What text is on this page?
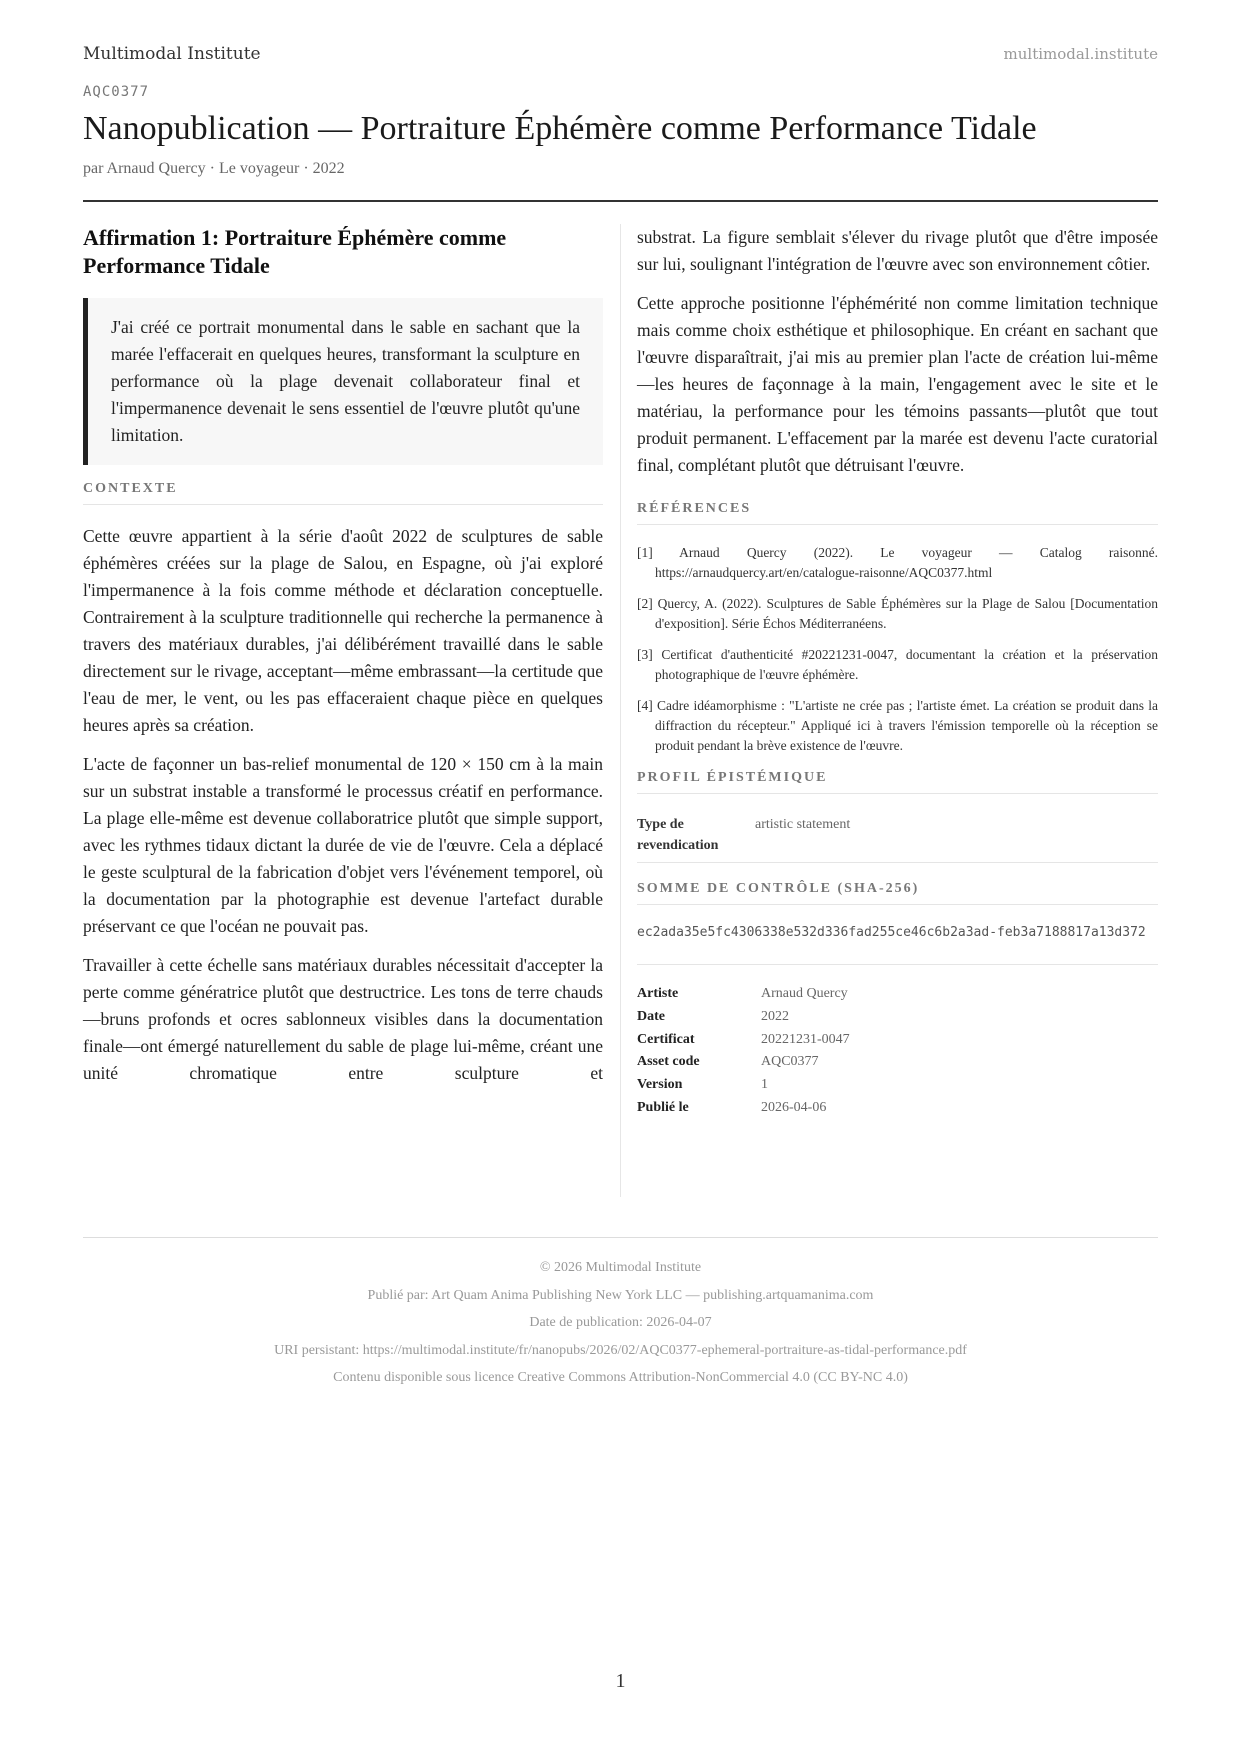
Multimodal Institute	multimodal.institute
AQC0377
Nanopublication — Portraiture Éphémère comme Performance Tidale
par Arnaud Quercy · Le voyageur · 2022
Affirmation 1: Portraiture Éphémère comme Performance Tidale
J'ai créé ce portrait monumental dans le sable en sachant que la marée l'effacerait en quelques heures, transformant la sculpture en performance où la plage devenait collaborateur final et l'impermanence devenait le sens essentiel de l'œuvre plutôt qu'une limitation.
CONTEXTE

Cette œuvre appartient à la série d'août 2022 de sculptures de sable éphémères créées sur la plage de Salou, en Espagne, où j'ai exploré l'impermanence à la fois comme méthode et déclaration conceptuelle. Contrairement à la sculpture traditionnelle qui recherche la permanence à travers des matériaux durables, j'ai délibérément travaillé dans le sable directement sur le rivage, acceptant—même embrassant—la certitude que l'eau de mer, le vent, ou les pas effaceraient chaque pièce en quelques heures après sa création.

L'acte de façonner un bas-relief monumental de 120 × 150 cm à la main sur un substrat instable a transformé le processus créatif en performance. La plage elle-même est devenue collaboratrice plutôt que simple support, avec les rythmes tidaux dictant la durée de vie de l'œuvre. Cela a déplacé le geste sculptural de la fabrication d'objet vers l'événement temporel, où la documentation par la photographie est devenue l'artefact durable préservant ce que l'océan ne pouvait pas.

Travailler à cette échelle sans matériaux durables nécessitait d'accepter la perte comme génératrice plutôt que destructrice. Les tons de terre chauds—bruns profonds et ocres sablonneux visibles dans la documentation finale—ont émergé naturellement du sable de plage lui-même, créant une unité chromatique entre sculpture et

substrat. La figure semblait s'élever du rivage plutôt que d'être imposée sur lui, soulignant l'intégration de l'œuvre avec son environnement côtier.

Cette approche positionne l'éphémérité non comme limitation technique mais comme choix esthétique et philosophique. En créant en sachant que l'œuvre disparaîtrait, j'ai mis au premier plan l'acte de création lui-même—les heures de façonnage à la main, l'engagement avec le site et le matériau, la performance pour les témoins passants—plutôt que tout produit permanent. L'effacement par la marée est devenu l'acte curatorial final, complétant plutôt que détruisant l'œuvre.

RÉFÉRENCES
[1] Arnaud Quercy (2022). Le voyageur — Catalog raisonné. https://arnaudquercy.art/en/catalogue-raisonne/AQC0377.html
[2] Quercy, A. (2022). Sculptures de Sable Éphémères sur la Plage de Salou [Documentation d'exposition]. Série Échos Méditerranéens.
[3] Certificat d'authenticité #20221231-0047, documentant la création et la préservation photographique de l'œuvre éphémère.
[4] Cadre idéamorphisme : "L'artiste ne crée pas ; l'artiste émet. La création se produit dans la diffraction du récepteur." Appliqué ici à travers l'émission temporelle où la réception se produit pendant la brève existence de l'œuvre.
PROFIL ÉPISTÉMIQUE
Type de revendication	artistic statement
SOMME DE CONTRÔLE (SHA-256)
ec2ada35e5fc4306338e532d336fad255ce46c6b2a3ad-feb3a7188817a13d372
Artiste	Arnaud Quercy
Date	2022
Certificat	20221231-0047
Asset code	AQC0377
Version	1
Publié le	2026-04-06
© 2026 Multimodal Institute
Publié par: Art Quam Anima Publishing New York LLC — publishing.artquamanima.com
Date de publication: 2026-04-07
URI persistant: https://multimodal.institute/fr/nanopubs/2026/02/AQC0377-ephemeral-portraiture-as-tidal-performance.pdf
Contenu disponible sous licence Creative Commons Attribution-NonCommercial 4.0 (CC BY-NC 4.0)
1
